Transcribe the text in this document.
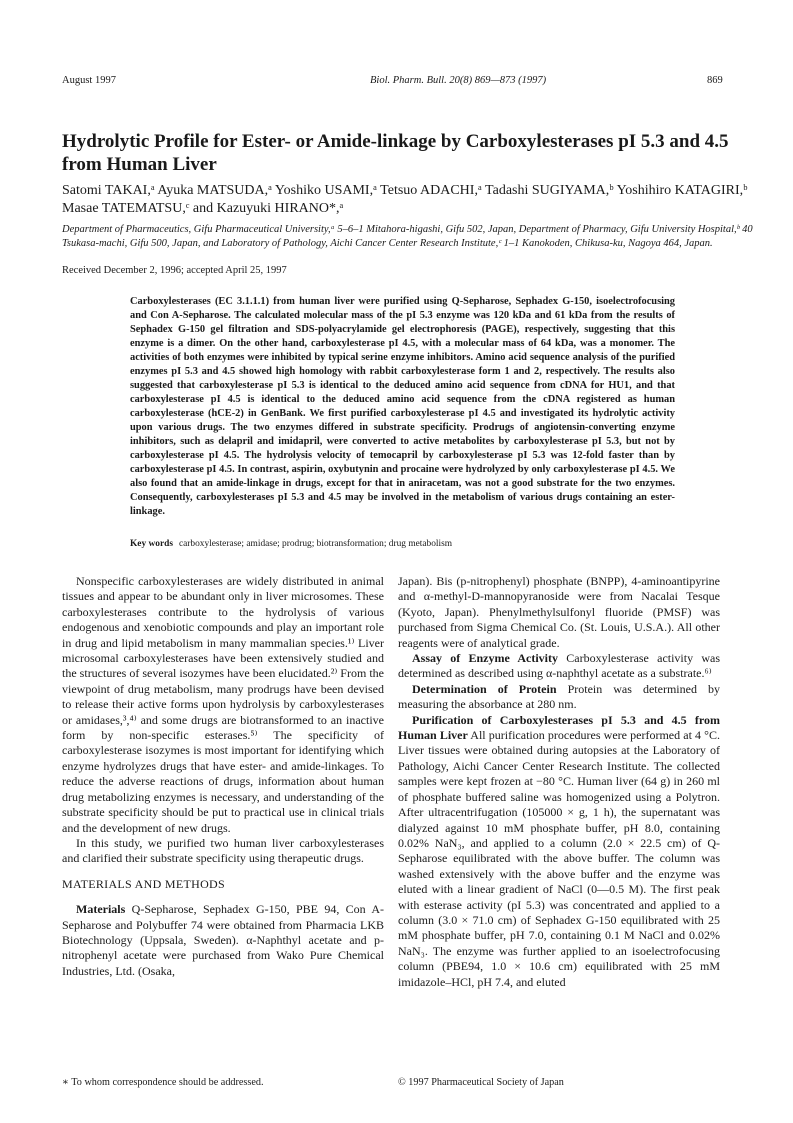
August 1997	Biol. Pharm. Bull. 20(8) 869—873 (1997)	869
Hydrolytic Profile for Ester- or Amide-linkage by Carboxylesterases pI 5.3 and 4.5 from Human Liver
Satomi TAKAI,ᵃ Ayuka MATSUDA,ᵃ Yoshiko USAMI,ᵃ Tetsuo ADACHI,ᵃ Tadashi SUGIYAMA,ᵇ Yoshihiro KATAGIRI,ᵇ Masae TATEMATSU,ᶜ and Kazuyuki HIRANO*,ᵃ
Department of Pharmaceutics, Gifu Pharmaceutical University,ᵃ 5–6–1 Mitahora-higashi, Gifu 502, Japan, Department of Pharmacy, Gifu University Hospital,ᵇ 40 Tsukasa-machi, Gifu 500, Japan, and Laboratory of Pathology, Aichi Cancer Center Research Institute,ᶜ 1–1 Kanokoden, Chikusa-ku, Nagoya 464, Japan.
Received December 2, 1996; accepted April 25, 1997
Carboxylesterases (EC 3.1.1.1) from human liver were purified using Q-Sepharose, Sephadex G-150, isoelectrofocusing and Con A-Sepharose. The calculated molecular mass of the pI 5.3 enzyme was 120 kDa and 61 kDa from the results of Sephadex G-150 gel filtration and SDS-polyacrylamide gel electrophoresis (PAGE), respectively, suggesting that this enzyme is a dimer. On the other hand, carboxylesterase pI 4.5, with a molecular mass of 64 kDa, was a monomer. The activities of both enzymes were inhibited by typical serine enzyme inhibitors. Amino acid sequence analysis of the purified enzymes pI 5.3 and 4.5 showed high homology with rabbit carboxylesterase form 1 and 2, respectively. The results also suggested that carboxylesterase pI 5.3 is identical to the deduced amino acid sequence from cDNA for HU1, and that carboxylesterase pI 4.5 is identical to the deduced amino acid sequence from the cDNA registered as human carboxylesterase (hCE-2) in GenBank. We first purified carboxylesterase pI 4.5 and investigated its hydrolytic activity upon various drugs. The two enzymes differed in substrate specificity. Prodrugs of angiotensin-converting enzyme inhibitors, such as delapril and imidapril, were converted to active metabolites by carboxylesterase pI 5.3, but not by carboxylesterase pI 4.5. The hydrolysis velocity of temocapril by carboxylesterase pI 5.3 was 12-fold faster than by carboxylesterase pI 4.5. In contrast, aspirin, oxybutynin and procaine were hydrolyzed by only carboxylesterase pI 4.5. We also found that an amide-linkage in drugs, except for that in aniracetam, was not a good substrate for the two enzymes. Consequently, carboxylesterases pI 5.3 and 4.5 may be involved in the metabolism of various drugs containing an ester-linkage.
Key words carboxylesterase; amidase; prodrug; biotransformation; drug metabolism

Nonspecific carboxylesterases are widely distributed in animal tissues and appear to be abundant only in liver microsomes. These carboxylesterases contribute to the hydrolysis of various endogenous and xenobiotic compounds and play an important role in drug and lipid metabolism in many mammalian species.¹⁾ Liver microsomal carboxylesterases have been extensively studied and the structures of several isozymes have been elucidated.²⁾ From the viewpoint of drug metabolism, many prodrugs have been devised to release their active forms upon hydrolysis by carboxylesterases or amidases,³,⁴⁾ and some drugs are biotransformed to an inactive form by non-specific esterases.⁵⁾ The specificity of carboxylesterase isozymes is most important for identifying which enzyme hydrolyzes drugs that have ester- and amide-linkages. To reduce the adverse reactions of drugs, information about human drug metabolizing enzymes is necessary, and understanding of the substrate specificity should be put to practical use in clinical trials and the development of new drugs.

In this study, we purified two human liver carboxylesterases and clarified their substrate specificity using therapeutic drugs.

MATERIALS AND METHODS

Materials Q-Sepharose, Sephadex G-150, PBE 94, Con A-Sepharose and Polybuffer 74 were obtained from Pharmacia LKB Biotechnology (Uppsala, Sweden). α-Naphthyl acetate and p-nitrophenyl acetate were purchased from Wako Pure Chemical Industries, Ltd. (Osaka,

Japan). Bis (p-nitrophenyl) phosphate (BNPP), 4-aminoantipyrine and α-methyl-D-mannopyranoside were from Nacalai Tesque (Kyoto, Japan). Phenylmethylsulfonyl fluoride (PMSF) was purchased from Sigma Chemical Co. (St. Louis, U.S.A.). All other reagents were of analytical grade.

Assay of Enzyme Activity Carboxylesterase activity was determined as described using α-naphthyl acetate as a substrate.⁶⁾

Determination of Protein Protein was determined by measuring the absorbance at 280 nm.

Purification of Carboxylesterases pI 5.3 and 4.5 from Human Liver All purification procedures were performed at 4 °C. Liver tissues were obtained during autopsies at the Laboratory of Pathology, Aichi Cancer Center Research Institute. The collected samples were kept frozen at −80 °C. Human liver (64 g) in 260 ml of phosphate buffered saline was homogenized using a Polytron. After ultracentrifugation (105000 × g, 1 h), the supernatant was dialyzed against 10 mM phosphate buffer, pH 8.0, containing 0.02% NaN₃, and applied to a column (2.0 × 22.5 cm) of Q-Sepharose equilibrated with the above buffer. The column was washed extensively with the above buffer and the enzyme was eluted with a linear gradient of NaCl (0—0.5 M). The first peak with esterase activity (pI 5.3) was concentrated and applied to a column (3.0 × 71.0 cm) of Sephadex G-150 equilibrated with 25 mM phosphate buffer, pH 7.0, containing 0.1 M NaCl and 0.02% NaN₃. The enzyme was further applied to an isoelectrofocusing column (PBE94, 1.0 × 10.6 cm) equilibrated with 25 mM imidazole–HCl, pH 7.4, and eluted

∗ To whom correspondence should be addressed.	© 1997 Pharmaceutical Society of Japan
